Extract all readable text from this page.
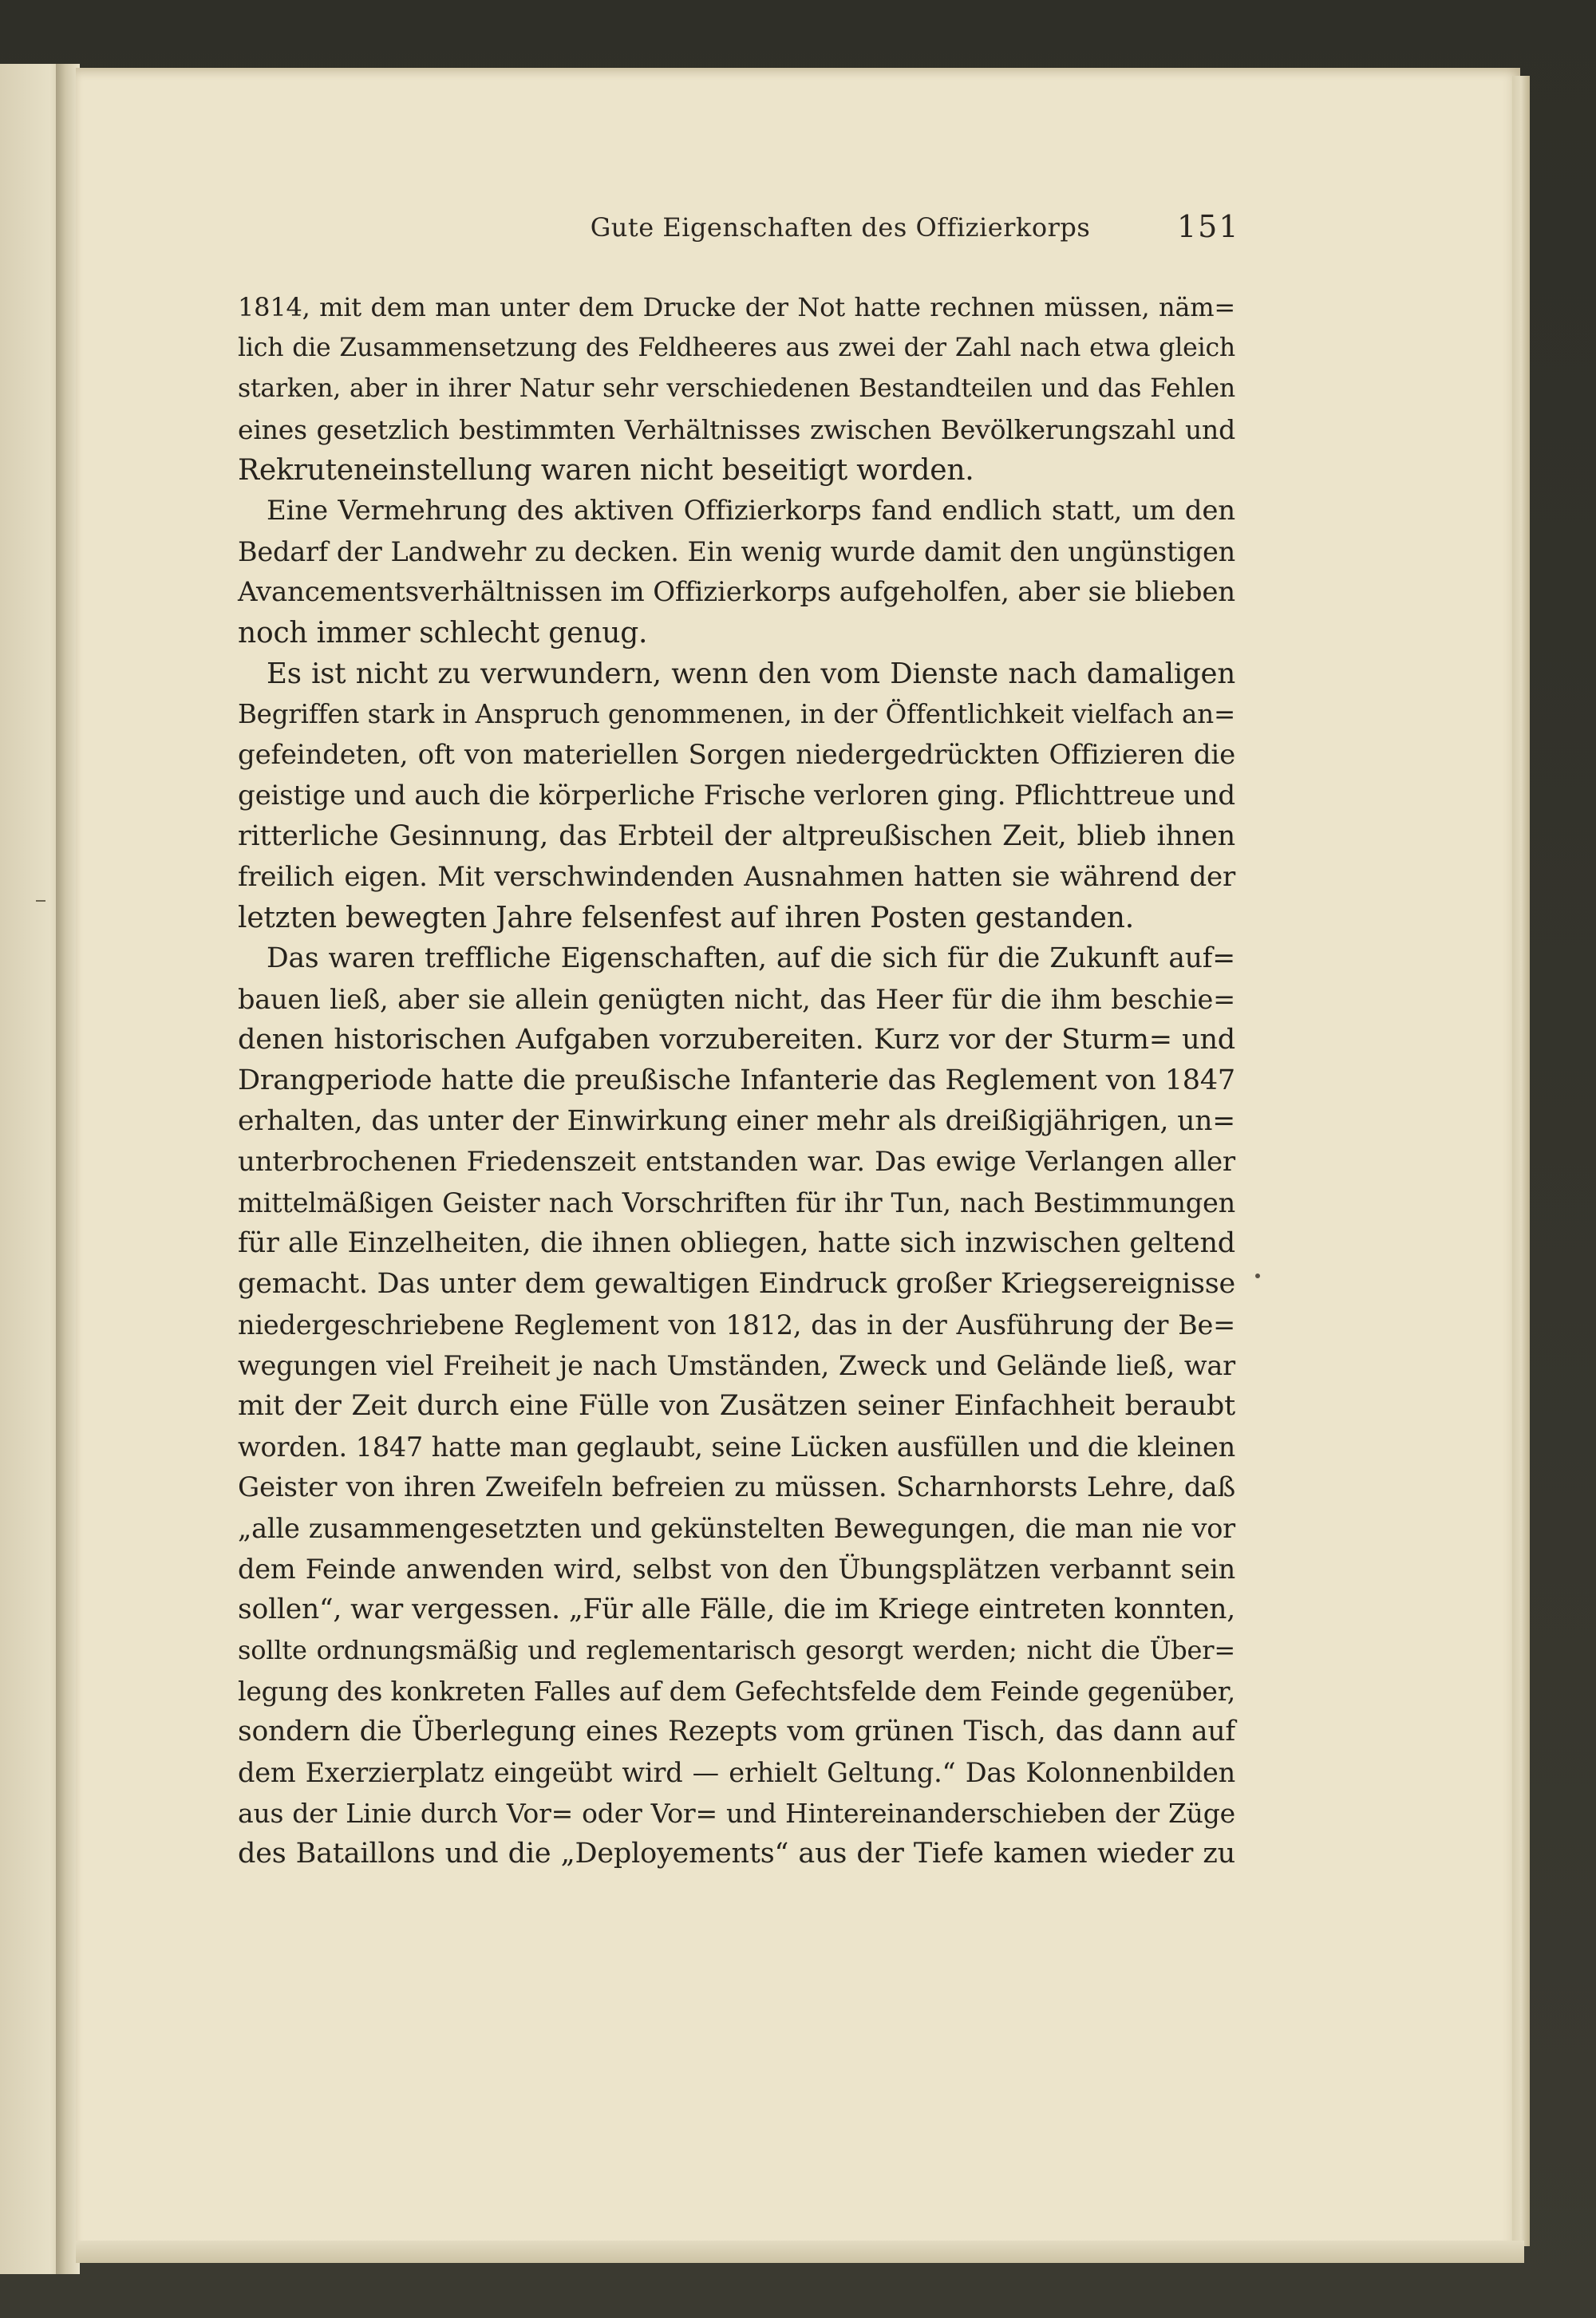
Gute Eigenschaften des Offizierkorps	151
1814, mit dem man unter dem Drucke der Not hatte rechnen müssen, näm=
lich die Zusammensetzung des Feldheeres aus zwei der Zahl nach etwa gleich
starken, aber in ihrer Natur sehr verschiedenen Bestandteilen und das Fehlen
eines gesetzlich bestimmten Verhältnisses zwischen Bevölkerungszahl und
Rekruteneinstellung waren nicht beseitigt worden.
Eine Vermehrung des aktiven Offizierkorps fand endlich statt, um den
Bedarf der Landwehr zu decken. Ein wenig wurde damit den ungünstigen
Avancementsverhältnissen im Offizierkorps aufgeholfen, aber sie blieben
noch immer schlecht genug.
Es ist nicht zu verwundern, wenn den vom Dienste nach damaligen
Begriffen stark in Anspruch genommenen, in der Öffentlichkeit vielfach an=
gefeindeten, oft von materiellen Sorgen niedergedrückten Offizieren die
geistige und auch die körperliche Frische verloren ging. Pflichttreue und
ritterliche Gesinnung, das Erbteil der altpreußischen Zeit, blieb ihnen
freilich eigen. Mit verschwindenden Ausnahmen hatten sie während der
letzten bewegten Jahre felsenfest auf ihren Posten gestanden.
Das waren treffliche Eigenschaften, auf die sich für die Zukunft auf=
bauen ließ, aber sie allein genügten nicht, das Heer für die ihm beschie=
denen historischen Aufgaben vorzubereiten. Kurz vor der Sturm= und
Drangperiode hatte die preußische Infanterie das Reglement von 1847
erhalten, das unter der Einwirkung einer mehr als dreißigjährigen, un=
unterbrochenen Friedenszeit entstanden war. Das ewige Verlangen aller
mittelmäßigen Geister nach Vorschriften für ihr Tun, nach Bestimmungen
für alle Einzelheiten, die ihnen obliegen, hatte sich inzwischen geltend
gemacht. Das unter dem gewaltigen Eindruck großer Kriegsereignisse
niedergeschriebene Reglement von 1812, das in der Ausführung der Be=
wegungen viel Freiheit je nach Umständen, Zweck und Gelände ließ, war
mit der Zeit durch eine Fülle von Zusätzen seiner Einfachheit beraubt
worden. 1847 hatte man geglaubt, seine Lücken ausfüllen und die kleinen
Geister von ihren Zweifeln befreien zu müssen. Scharnhorsts Lehre, daß
„alle zusammengesetzten und gekünstelten Bewegungen, die man nie vor
dem Feinde anwenden wird, selbst von den Übungsplätzen verbannt sein
sollen“, war vergessen. „Für alle Fälle, die im Kriege eintreten konnten,
sollte ordnungsmäßig und reglementarisch gesorgt werden; nicht die Über=
legung des konkreten Falles auf dem Gefechtsfelde dem Feinde gegenüber,
sondern die Überlegung eines Rezepts vom grünen Tisch, das dann auf
dem Exerzierplatz eingeübt wird — erhielt Geltung.“ Das Kolonnenbilden
aus der Linie durch Vor= oder Vor= und Hintereinanderschieben der Züge
des Bataillons und die „Deployements“ aus der Tiefe kamen wieder zu
